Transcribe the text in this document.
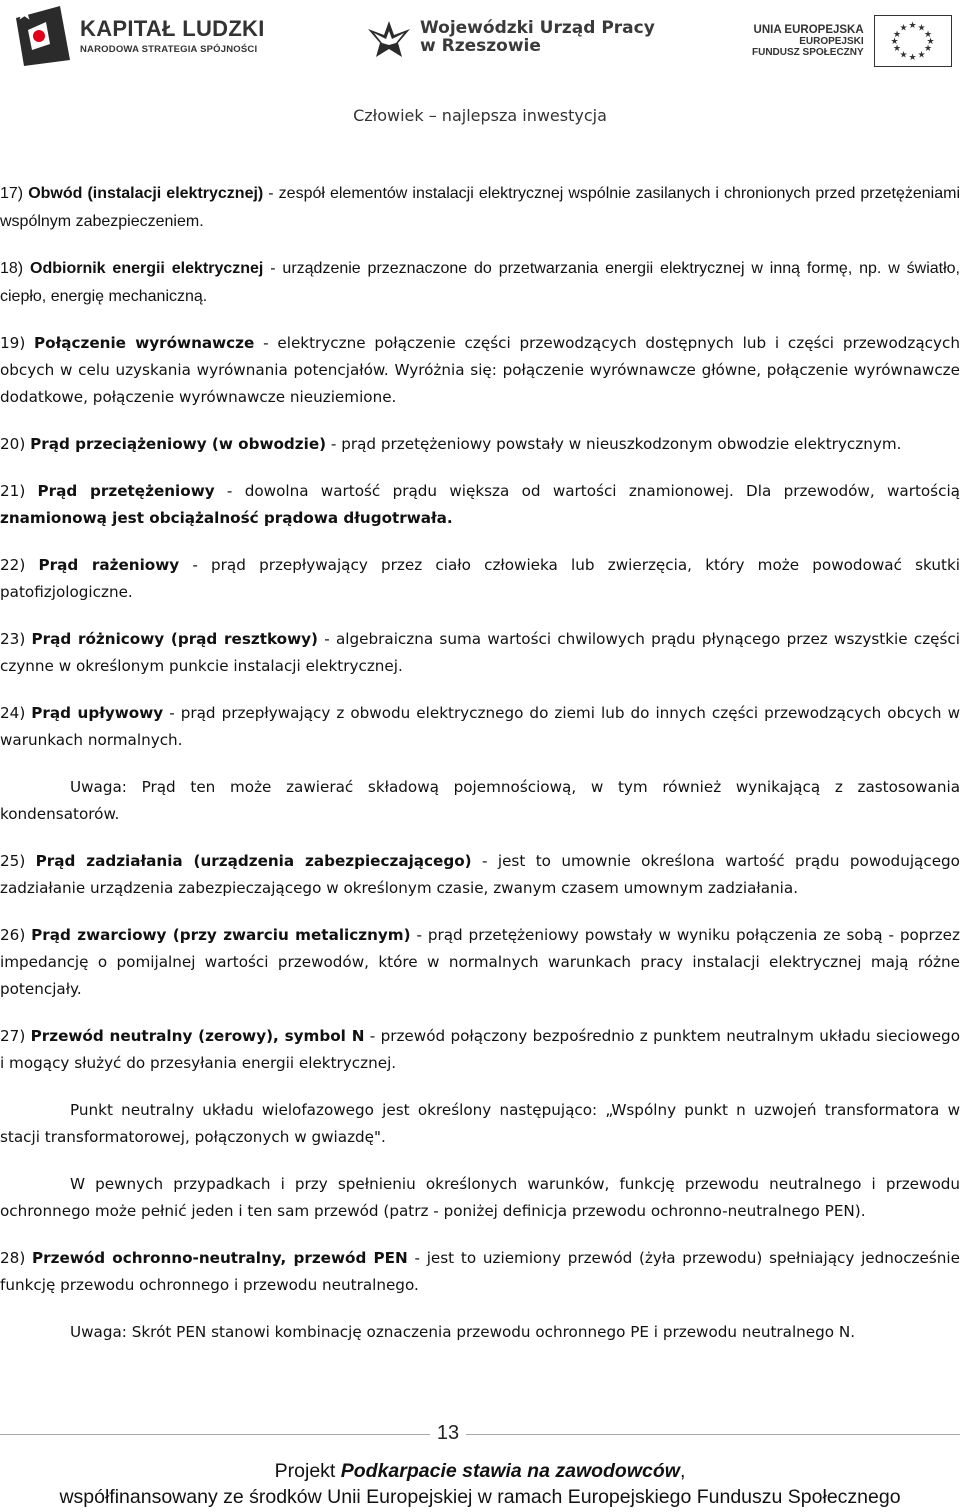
KAPITAŁ LUDZKI
NARODOWA STRATEGIA SPÓJNOŚCI
Wojewódzki Urząd Pracy
w Rzeszowie
UNIA EUROPEJSKA
EUROPEJSKI
FUNDUSZ SPOŁECZNY
★ ★
★
★
★
★
★
★
★
★
★
★
Człowiek – najlepsza inwestycja

17) Obwód (instalacji elektrycznej) - zespół elementów instalacji elektrycznej wspólnie zasilanych i chronionych przed przetężeniami wspólnym zabezpieczeniem.

18) Odbiornik energii elektrycznej - urządzenie przeznaczone do przetwarzania energii elektrycznej w inną formę, np. w światło, ciepło, energię mechaniczną.

19) Połączenie wyrównawcze - elektryczne połączenie części przewodzących dostępnych lub i części przewodzących obcych w celu uzyskania wyrównania potencjałów. Wyróżnia się: połączenie wyrównawcze główne, połączenie wyrównawcze dodatkowe, połączenie wyrównawcze nieuziemione.

20) Prąd przeciążeniowy (w obwodzie) - prąd przetężeniowy powstały w nieuszkodzonym obwodzie elektrycznym.

21) Prąd przetężeniowy - dowolna wartość prądu większa od wartości znamionowej. Dla przewodów, wartością znamionową jest obciążalność prądowa długotrwała.

22) Prąd rażeniowy - prąd przepływający przez ciało człowieka lub zwierzęcia, który może powodować skutki patofizjologiczne.

23) Prąd różnicowy (prąd resztkowy) - algebraiczna suma wartości chwilowych prądu płynącego przez wszystkie części czynne w określonym punkcie instalacji elektrycznej.

24) Prąd upływowy - prąd przepływający z obwodu elektrycznego do ziemi lub do innych części przewodzących obcych w warunkach normalnych.

Uwaga: Prąd ten może zawierać składową pojemnościową, w tym również wynikającą z zastosowania kondensatorów.

25) Prąd zadziałania (urządzenia zabezpieczającego) - jest to umownie określona wartość prądu powodującego zadziałanie urządzenia zabezpieczającego w określonym czasie, zwanym czasem umownym zadziałania.

26) Prąd zwarciowy (przy zwarciu metalicznym) - prąd przetężeniowy powstały w wyniku połączenia ze sobą - poprzez impedancję o pomijalnej wartości przewodów, które w normalnych warunkach pracy instalacji elektrycznej mają różne potencjały.

27) Przewód neutralny (zerowy), symbol N - przewód połączony bezpośrednio z punktem neutralnym układu sieciowego i mogący służyć do przesyłania energii elektrycznej.

Punkt neutralny układu wielofazowego jest określony następująco: „Wspólny punkt n uzwojeń transformatora w stacji transformatorowej, połączonych w gwiazdę".

W pewnych przypadkach i przy spełnieniu określonych warunków, funkcję przewodu neutralnego i przewodu ochronnego może pełnić jeden i ten sam przewód (patrz - poniżej definicja przewodu ochronno-neutralnego PEN).

28) Przewód ochronno-neutralny, przewód PEN - jest to uziemiony przewód (żyła przewodu) spełniający jednocześnie funkcję przewodu ochronnego i przewodu neutralnego.

Uwaga: Skrót PEN stanowi kombinację oznaczenia przewodu ochronnego PE i przewodu neutralnego N.

13
Projekt Podkarpacie stawia na zawodowców,
współfinansowany ze środków Unii Europejskiej w ramach Europejskiego Funduszu Społecznego
